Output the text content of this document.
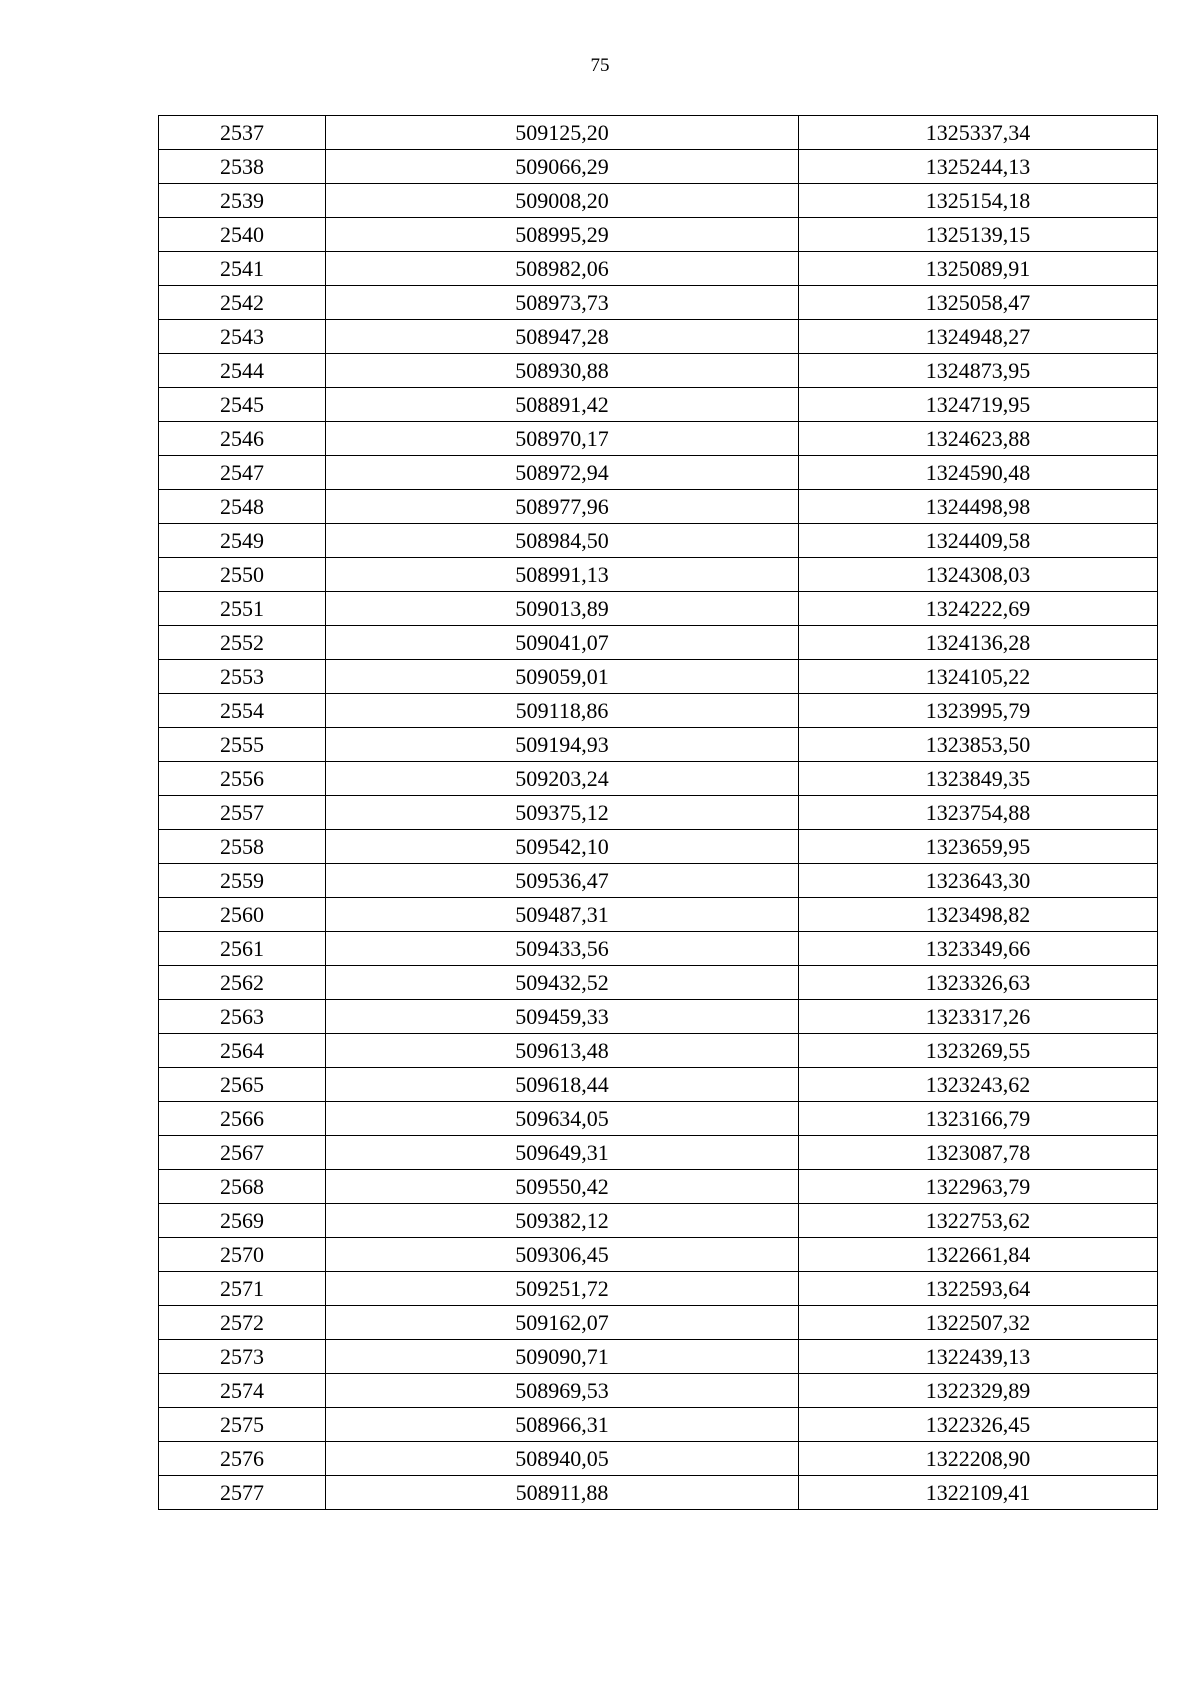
75
2537	509125,20	1325337,34
2538	509066,29	1325244,13
2539	509008,20	1325154,18
2540	508995,29	1325139,15
2541	508982,06	1325089,91
2542	508973,73	1325058,47
2543	508947,28	1324948,27
2544	508930,88	1324873,95
2545	508891,42	1324719,95
2546	508970,17	1324623,88
2547	508972,94	1324590,48
2548	508977,96	1324498,98
2549	508984,50	1324409,58
2550	508991,13	1324308,03
2551	509013,89	1324222,69
2552	509041,07	1324136,28
2553	509059,01	1324105,22
2554	509118,86	1323995,79
2555	509194,93	1323853,50
2556	509203,24	1323849,35
2557	509375,12	1323754,88
2558	509542,10	1323659,95
2559	509536,47	1323643,30
2560	509487,31	1323498,82
2561	509433,56	1323349,66
2562	509432,52	1323326,63
2563	509459,33	1323317,26
2564	509613,48	1323269,55
2565	509618,44	1323243,62
2566	509634,05	1323166,79
2567	509649,31	1323087,78
2568	509550,42	1322963,79
2569	509382,12	1322753,62
2570	509306,45	1322661,84
2571	509251,72	1322593,64
2572	509162,07	1322507,32
2573	509090,71	1322439,13
2574	508969,53	1322329,89
2575	508966,31	1322326,45
2576	508940,05	1322208,90
2577	508911,88	1322109,41
